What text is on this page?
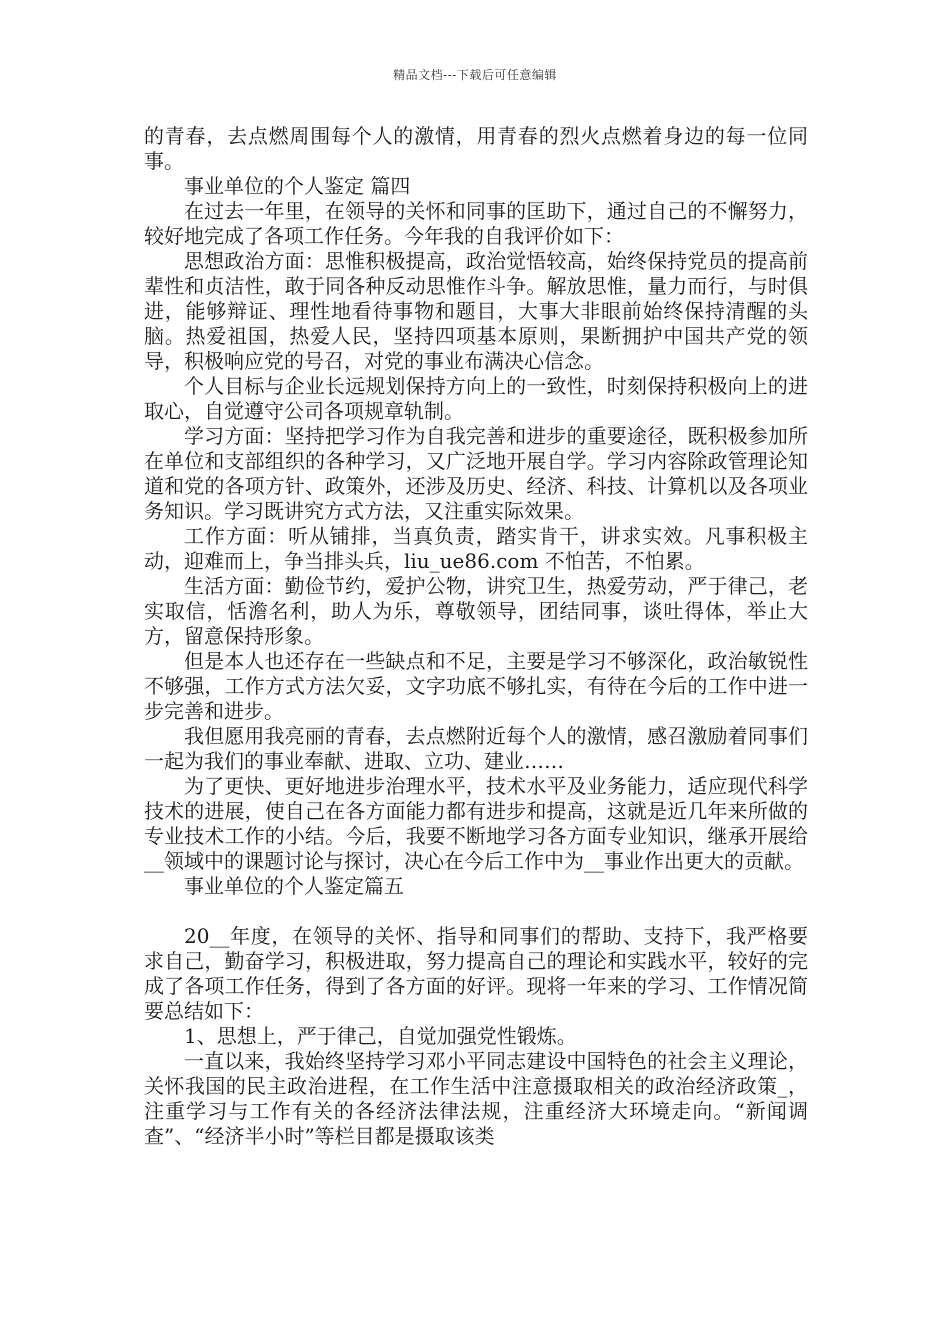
精品文档---下载后可任意编辑

的青春，去点燃周围每个人的激情，用青春的烈火点燃着身边的每一位同事。

事业单位的个人鉴定 篇四

在过去一年里，在领导的关怀和同事的匡助下，通过自己的不懈努力，较好地完成了各项工作任务。今年我的自我评价如下：

思想政治方面：思惟积极提高，政治觉悟较高，始终保持党员的提高前辈性和贞洁性，敢于同各种反动思惟作斗争。解放思惟，量力而行，与时俱进，能够辩证、理性地看待事物和题目，大事大非眼前始终保持清醒的头脑。热爱祖国，热爱人民，坚持四项基本原则，果断拥护中国共产党的领导，积极响应党的号召，对党的事业布满决心信念。

个人目标与企业长远规划保持方向上的一致性，时刻保持积极向上的进取心，自觉遵守公司各项规章轨制。

学习方面：坚持把学习作为自我完善和进步的重要途径，既积极参加所在单位和支部组织的各种学习，又广泛地开展自学。学习内容除政管理论知道和党的各项方针、政策外，还涉及历史、经济、科技、计算机以及各项业务知识。学习既讲究方式方法，又注重实际效果。

工作方面：听从铺排，当真负责，踏实肯干，讲求实效。凡事积极主动，迎难而上，争当排头兵，liu_ue86.com 不怕苦，不怕累。

生活方面：勤俭节约，爱护公物，讲究卫生，热爱劳动，严于律己，老实取信，恬澹名利，助人为乐，尊敬领导，团结同事，谈吐得体，举止大方，留意保持形象。

但是本人也还存在一些缺点和不足，主要是学习不够深化，政治敏锐性不够强，工作方式方法欠妥，文字功底不够扎实，有待在今后的工作中进一步完善和进步。

我但愿用我亮丽的青春，去点燃附近每个人的激情，感召激励着同事们一起为我们的事业奉献、进取、立功、建业……

为了更快、更好地进步治理水平，技术水平及业务能力，适应现代科学技术的进展，使自己在各方面能力都有进步和提高，这就是近几年来所做的专业技术工作的小结。今后，我要不断地学习各方面专业知识，继承开展给__领域中的课题讨论与探讨，决心在今后工作中为__事业作出更大的贡献。

事业单位的个人鉴定篇五

20__年度，在领导的关怀、指导和同事们的帮助、支持下，我严格要求自己，勤奋学习，积极进取，努力提高自己的理论和实践水平，较好的完成了各项工作任务，得到了各方面的好评。现将一年来的学习、工作情况简要总结如下：

1、思想上，严于律己，自觉加强党性锻炼。

一直以来，我始终坚持学习邓小平同志建设中国特色的社会主义理论，关怀我国的民主政治进程，在工作生活中注意摄取相关的政治经济政策_，注重学习与工作有关的各经济法律法规，注重经济大环境走向。“新闻调查”、“经济半小时”等栏目都是摄取该类
